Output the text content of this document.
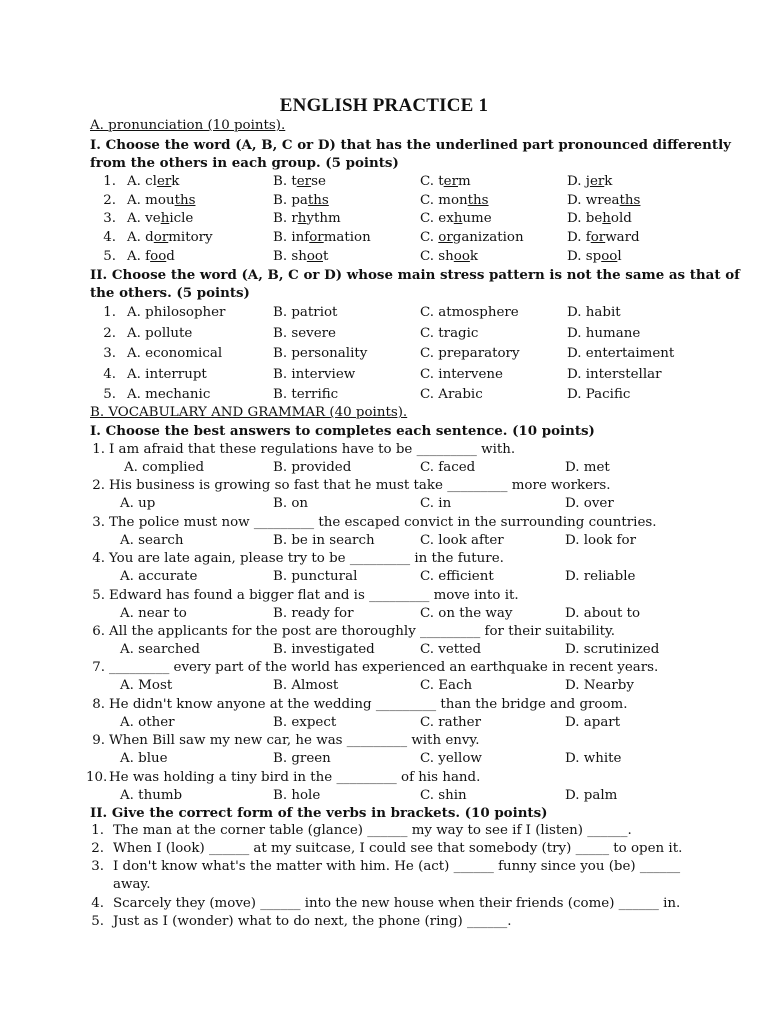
ENGLISH PRACTICE 1
A. pronunciation (10 points).
I. Choose the word (A, B, C or D) that has the underlined part pronounced differently
from the others in each group. (5 points)
1. A. clerk	B. terse	C. term	D. jerk
2. A. mouths	B. paths	C. months	D. wreaths
3. A. vehicle	B. rhythm	C. exhume	D. behold
4. A. dormitory	B. information	C. organization	D. forward
5. A. food	B. shoot	C. shook	D. spool
II. Choose the word (A, B, C or D) whose main stress pattern is not the same as that of
the others. (5 points)
1. A. philosopher	B. patriot	C. atmosphere	D. habit
2. A. pollute	B. severe	C. tragic	D. humane
3. A. economical	B. personality	C. preparatory	D. entertaiment
4. A. interrupt	B. interview	C. intervene	D. interstellar
5. A. mechanic	B. terrific	C. Arabic	D. Pacific
B. VOCABULARY AND GRAMMAR (40 points).
I. Choose the best answers to completes each sentence. (10 points)
1. I am afraid that these regulations have to be _________ with.
A. complied	B. provided	C. faced	D. met
2. His business is growing so fast that he must take _________ more workers.
A. up	B. on	C. in	D. over
3. The police must now _________ the escaped convict in the surrounding countries.
A. search	B. be in search	C. look after	D. look for
4. You are late again, please try to be _________ in the future.
A. accurate	B. punctural	C. efficient	D. reliable
5. Edward has found a bigger flat and is _________ move into it.
A. near to	B. ready for	C. on the way	D. about to
6. All the applicants for the post are thoroughly _________ for their suitability.
A. searched	B. investigated	C. vetted	D. scrutinized
7. _________ every part of the world has experienced an earthquake in recent years.
A. Most	B. Almost	C. Each	D. Nearby
8. He didn't know anyone at the wedding _________ than the bridge and groom.
A. other	B. expect	C. rather	D. apart
9. When Bill saw my new car, he was _________ with envy.
A. blue	B. green	C. yellow	D. white
10. He was holding a tiny bird in the _________ of his hand.
A. thumb	B. hole	C. shin	D. palm
II. Give the correct form of the verbs in brackets. (10 points)
1. The man at the corner table (glance) ______ my way to see if I (listen) ______.
2. When I (look) ______ at my suitcase, I could see that somebody (try) _____ to open it.
3. I don't know what's the matter with him. He (act) ______ funny since you (be) ______
away.
4. Scarcely they (move) ______ into the new house when their friends (come) ______ in.
5. Just as I (wonder) what to do next, the phone (ring) ______.
